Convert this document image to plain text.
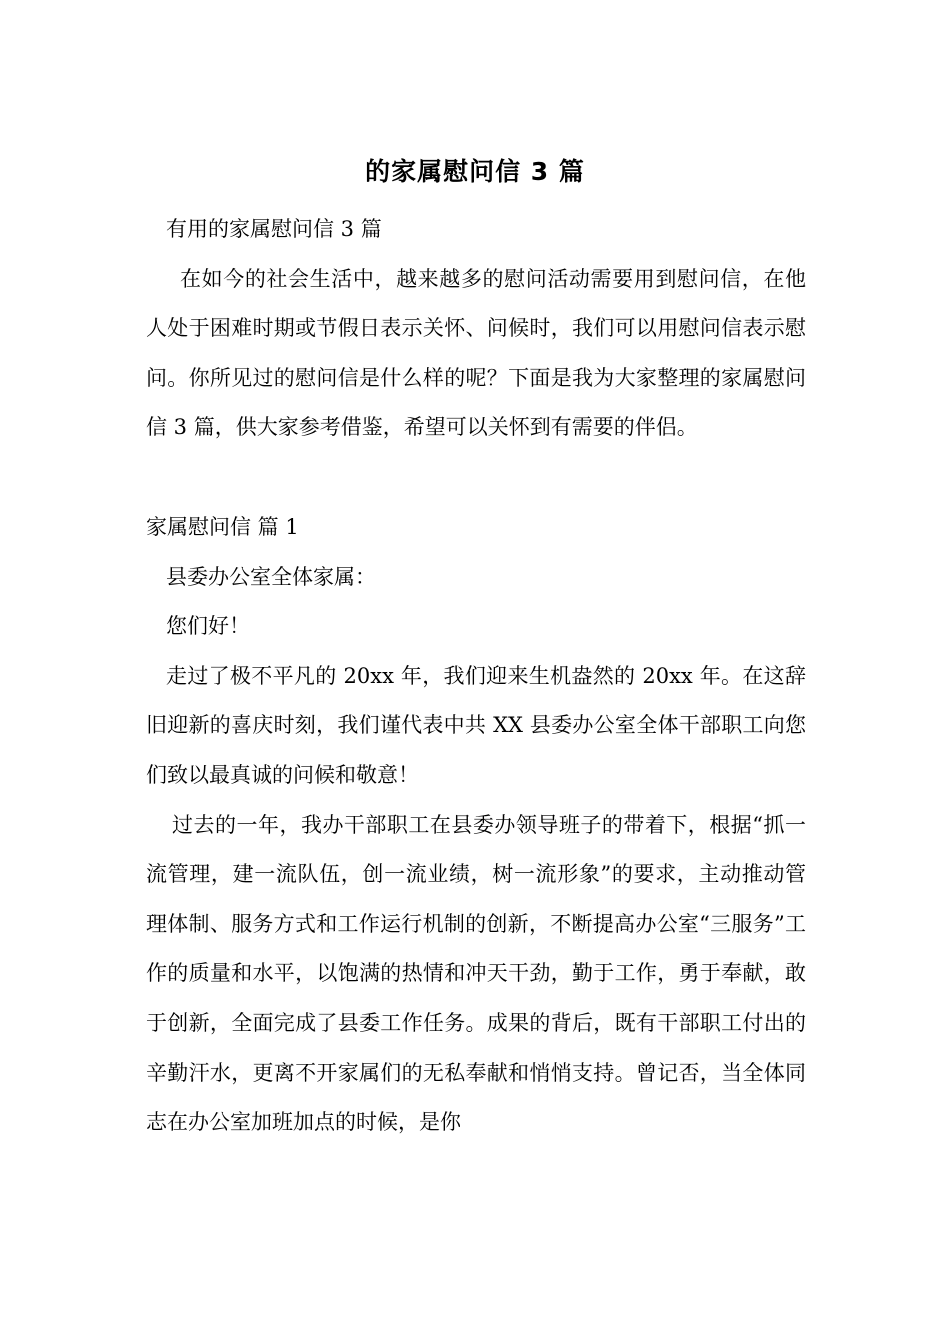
的家属慰问信 3 篇

有用的家属慰问信 3 篇

在如今的社会生活中，越来越多的慰问活动需要用到慰问信，在他人处于困难时期或节假日表示关怀、问候时，我们可以用慰问信表示慰问。你所见过的慰问信是什么样的呢？下面是我为大家整理的家属慰问信 3 篇，供大家参考借鉴，希望可以关怀到有需要的伴侣。

家属慰问信 篇 1

县委办公室全体家属：

您们好！

走过了极不平凡的 20xx 年，我们迎来生机盎然的 20xx 年。在这辞旧迎新的喜庆时刻，我们谨代表中共 XX 县委办公室全体干部职工向您们致以最真诚的问候和敬意！

过去的一年，我办干部职工在县委办领导班子的带着下，根据“抓一流管理，建一流队伍，创一流业绩，树一流形象”的要求，主动推动管理体制、服务方式和工作运行机制的创新，不断提高办公室“三服务”工作的质量和水平，以饱满的热情和冲天干劲，勤于工作，勇于奉献，敢于创新，全面完成了县委工作任务。成果的背后，既有干部职工付出的辛勤汗水，更离不开家属们的无私奉献和悄悄支持。曾记否，当全体同志在办公室加班加点的时候，是你
